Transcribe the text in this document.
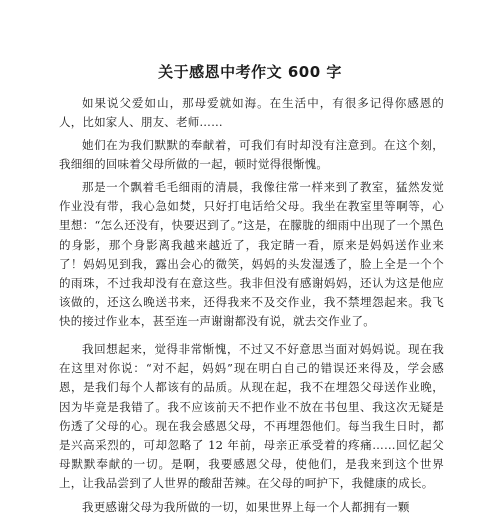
关于感恩中考作文 600 字

如果说父爱如山，那母爱就如海。在生活中，有很多记得你感恩的人，比如家人、朋友、老师……

她们在为我们默默的奉献着，可我们有时却没有注意到。在这个刻，我细细的回味着父母所做的一起，顿时觉得很惭愧。

那是一个飘着毛毛细雨的清晨，我像往常一样来到了教室，猛然发觉作业没有带，我心急如焚，只好打电话给父母。我坐在教室里等啊等，心里想：“怎么还没有，快要迟到了。”这是，在朦胧的细雨中出现了一个黑色的身影，那个身影离我越来越近了，我定睛一看，原来是妈妈送作业来了！妈妈见到我，露出会心的微笑，妈妈的头发湿透了，脸上全是一个个的雨珠，不过我却没有在意这些。我非但没有感谢妈妈，还认为这是他应该做的，还这么晚送书来，还得我来不及交作业，我不禁埋怨起来。我飞快的接过作业本，甚至连一声谢谢都没有说，就去交作业了。

我回想起来，觉得非常惭愧，不过又不好意思当面对妈妈说。现在我在这里对你说：“对不起，妈妈”现在明白自己的错误还来得及，学会感恩，是我们每个人都该有的品质。从现在起，我不在埋怨父母送作业晚，因为毕竟是我错了。我不应该前天不把作业不放在书包里、我这次无疑是伤透了父母的心。现在我会感恩父母，不再埋怨他们。每当我生日时，都是兴高采烈的，可却忽略了 12 年前，母亲正承受着的疼痛……回忆起父母默默奉献的一切。是啊，我要感恩父母，使他们，是我来到这个世界上，让我品尝到了人世界的酸甜苦辣。在父母的呵护下，我健康的成长。

我更感谢父母为我所做的一切，如果世界上每一个人都拥有一颗
